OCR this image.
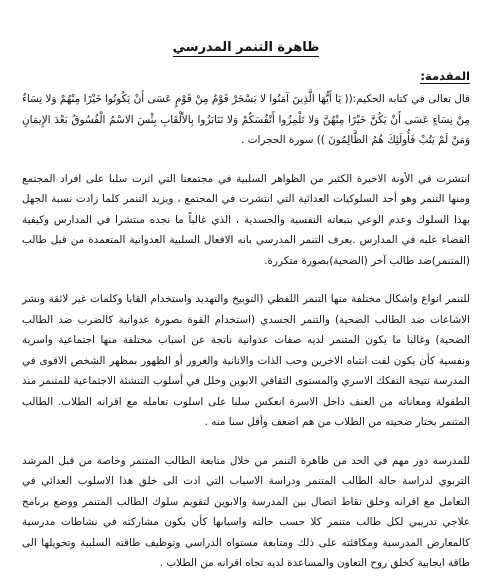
ظاهرة التنمر المدرسي
المقدمة:

قال تعالى في كتابه الحكيم:(( يَا أَيُّهَا الَّذِينَ آمَنُوا لا يَسْخَرْ قَوْمٌ مِنْ قَوْمٍ عَسَى أَنْ يَكُونُوا خَيْرًا مِنْهُمْ وَلا نِسَاءٌ مِنْ نِسَاءٍ عَسَى أَنْ يَكُنَّ خَيْرًا مِنْهُنَّ وَلا تَلْمِزُوا أَنْفُسَكُمْ وَلا تَنَابَزُوا بِالأَلْقَابِ بِئْسَ الاسْمُ الْفُسُوقُ بَعْدَ الإِيمَانِ وَمَنْ لَمْ يَتُبْ فَأُولَئِكَ هُمُ الظَّالِمُونَ )) سورة الحجرات .

انتشرت في الأونة الاخيرة الكثير من الظواهر السلبية في مجتمعنا التي اثرت سلبا على افراد المجتمع ومنها التنمر وهو أحد السلوكيات العدائية التي انتشرت في المجتمع ، ويزيد التنمر كلما زادت نسبة الجهل بهذا السلوك وعدم الوعي بتبعاته النفسية والجسدية ، الذي غالباً ما نجده منتشرا في المدارس وكيفية القضاء عليه في المدارس .يعرف التنمر المدرسي بانه الافعال السلبية العدوانية المتعمدة من قبل طالب (المتنمر)ضد طالب آخر (الضحية)بصورة متكررة.

للتنمر انواع واشكال مختلفة منها التنمر اللفظي (التوبيخ والتهديد واستخدام القابا وكلمات غير لائقة ونشر الاشاعات ضد الطالب الضحية) والتنمر الجسدي (استخدام القوة بصورة عدوانية كالضرب ضد الطالب الضحية) وغالبا ما يكون المتنمر لديه صفات عدوانية ناتجة عن اسباب مختلفة منها اجتماعية واسرية ونفسية كأن يكون لفت انتباه الاخرين وحب الذات والانانية والغرور أو الظهور بمظهر الشخص الاقوى في المدرسة نتيجة التفكك الاسري والمستوى الثقافي الابوين وخلل في أسلوب التنشئة الاجتماعية للمتنمر منذ الطفولة ومعاناته من العنف داخل الاسرة انعكس سلبا على اسلوب تعامله مع اقرانه الطلاب. الطالب المتنمر يختار ضحيته من الطلاب من هم اضعف وأقل سنا منه .

للمدرسة دور مهم في الحد من ظاهرة التنمر من خلال متابعة الطالب المتنمر وخاصة من قبل المرشد التربوي لدراسة حالة الطالب المتنمر ودراسة الاسباب التي ادت الى خلق هذا الاسلوب العدائي في التعامل مع اقرانه وخلق نقاط اتصال بين المدرسة والابوين لتقويم سلوك الطالب المتنمر ووضع برنامج علاجي تدريبي لكل طالب متنمر كلا حسب حالته واسبابها كأن يكون مشاركته في نشاطات مدرسية كالمعارض المدرسية ومكافئته على ذلك ومتابعة مستواه الدراسي وتوظيف طاقته السلبية وتحويلها الى طاقة ايجابية كخلق روح التعاون والمساعدة لديه تجاه اقرانه من الطلاب .
